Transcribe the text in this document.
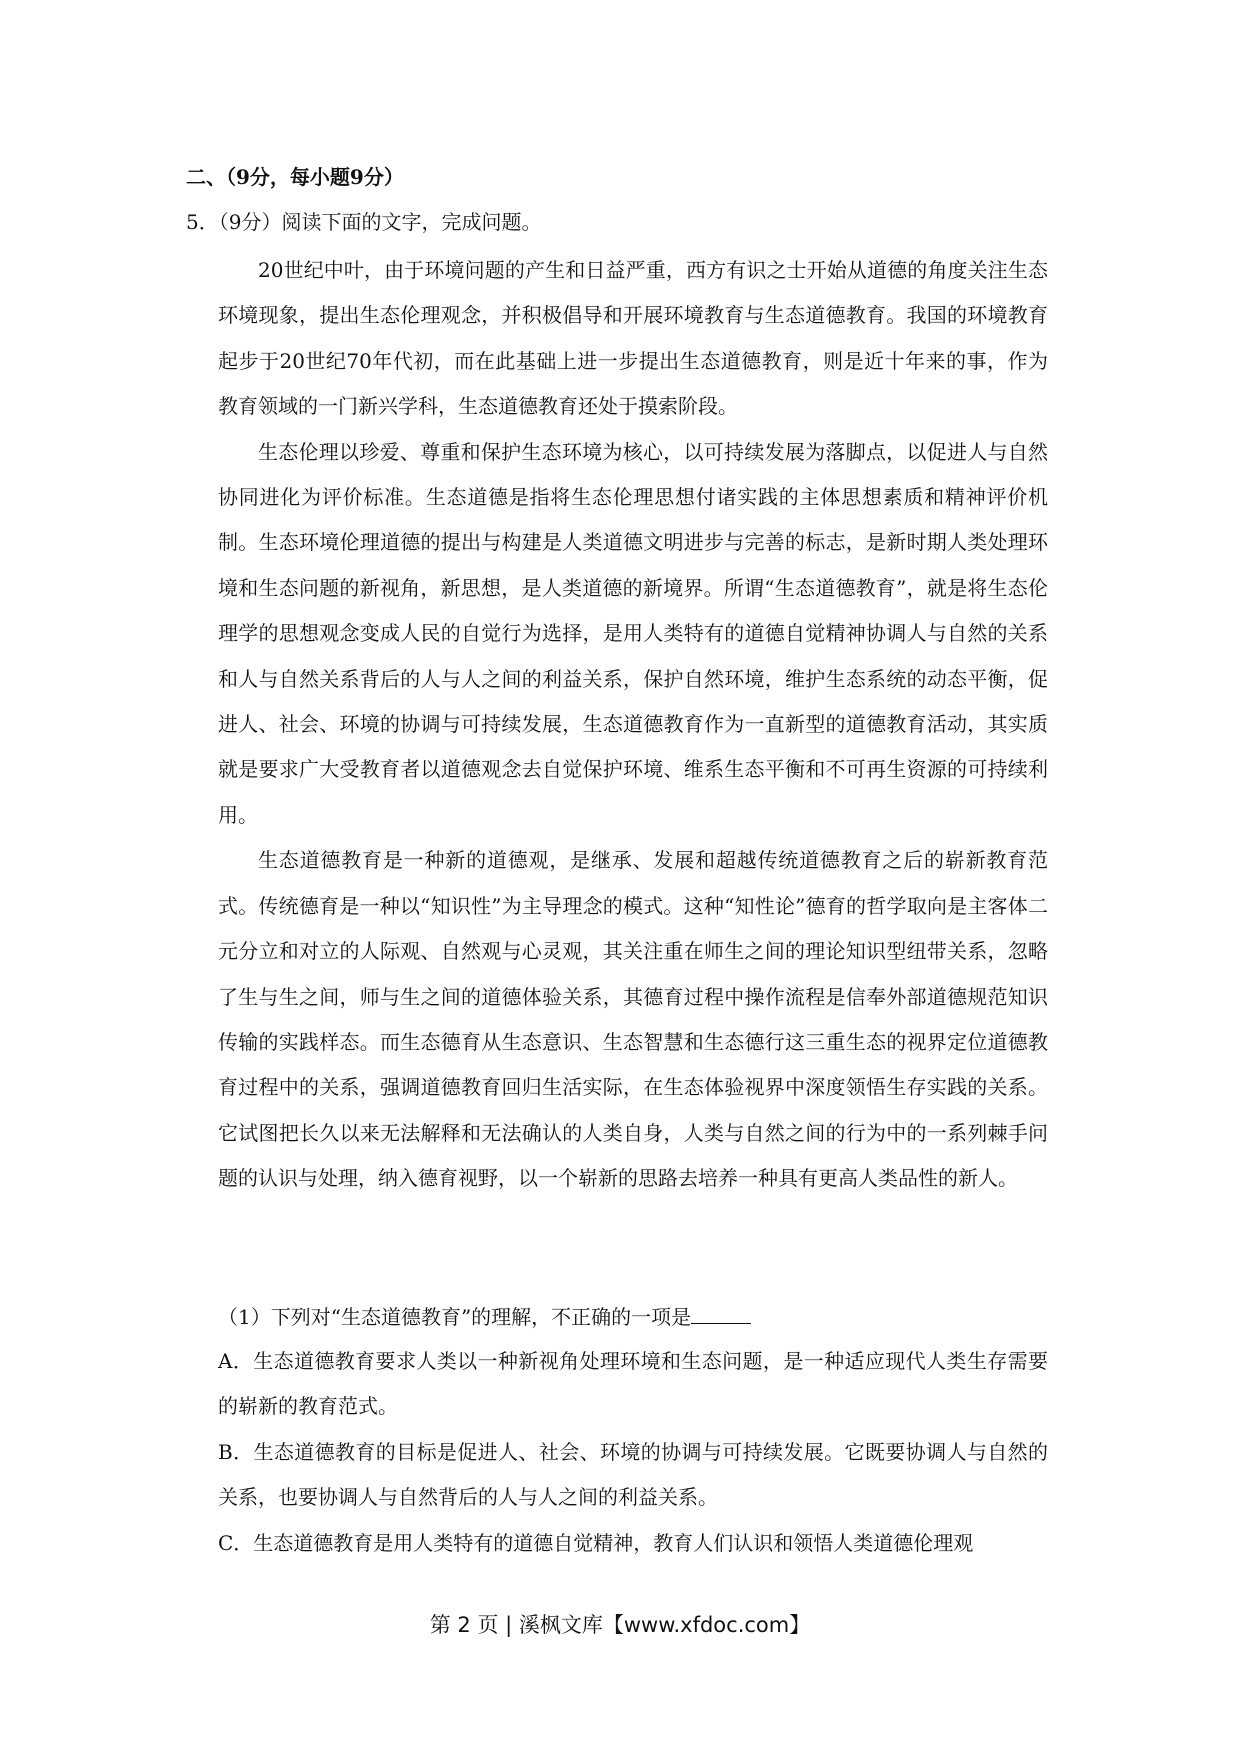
二、（9分，每小题9分）
5．（9分）阅读下面的文字，完成问题。

20世纪中叶，由于环境问题的产生和日益严重，西方有识之士开始从道德的角度关注生态环境现象，提出生态伦理观念，并积极倡导和开展环境教育与生态道德教育。我国的环境教育起步于20世纪70年代初，而在此基础上进一步提出生态道德教育，则是近十年来的事，作为教育领域的一门新兴学科，生态道德教育还处于摸索阶段。

生态伦理以珍爱、尊重和保护生态环境为核心，以可持续发展为落脚点，以促进人与自然协同进化为评价标准。生态道德是指将生态伦理思想付诸实践的主体思想素质和精神评价机制。生态环境伦理道德的提出与构建是人类道德文明进步与完善的标志，是新时期人类处理环境和生态问题的新视角，新思想，是人类道德的新境界。所谓“生态道德教育”，就是将生态伦理学的思想观念变成人民的自觉行为选择，是用人类特有的道德自觉精神协调人与自然的关系和人与自然关系背后的人与人之间的利益关系，保护自然环境，维护生态系统的动态平衡，促进人、社会、环境的协调与可持续发展，生态道德教育作为一直新型的道德教育活动，其实质就是要求广大受教育者以道德观念去自觉保护环境、维系生态平衡和不可再生资源的可持续利用。

生态道德教育是一种新的道德观，是继承、发展和超越传统道德教育之后的崭新教育范式。传统德育是一种以“知识性”为主导理念的模式。这种“知性论”德育的哲学取向是主客体二元分立和对立的人际观、自然观与心灵观，其关注重在师生之间的理论知识型纽带关系，忽略了生与生之间，师与生之间的道德体验关系，其德育过程中操作流程是信奉外部道德规范知识传输的实践样态。而生态德育从生态意识、生态智慧和生态德行这三重生态的视界定位道德教育过程中的关系，强调道德教育回归生活实际，在生态体验视界中深度领悟生存实践的关系。它试图把长久以来无法解释和无法确认的人类自身，人类与自然之间的行为中的一系列棘手问题的认识与处理，纳入德育视野，以一个崭新的思路去培养一种具有更高人类品性的新人。

（1）下列对“生态道德教育”的理解，不正确的一项是

A．生态道德教育要求人类以一种新视角处理环境和生态问题，是一种适应现代人类生存需要的崭新的教育范式。

B．生态道德教育的目标是促进人、社会、环境的协调与可持续发展。它既要协调人与自然的关系，也要协调人与自然背后的人与人之间的利益关系。

C．生态道德教育是用人类特有的道德自觉精神，教育人们认识和领悟人类道德伦理观

第 2 页 | 溪枫文库【www.xfdoc.com】
